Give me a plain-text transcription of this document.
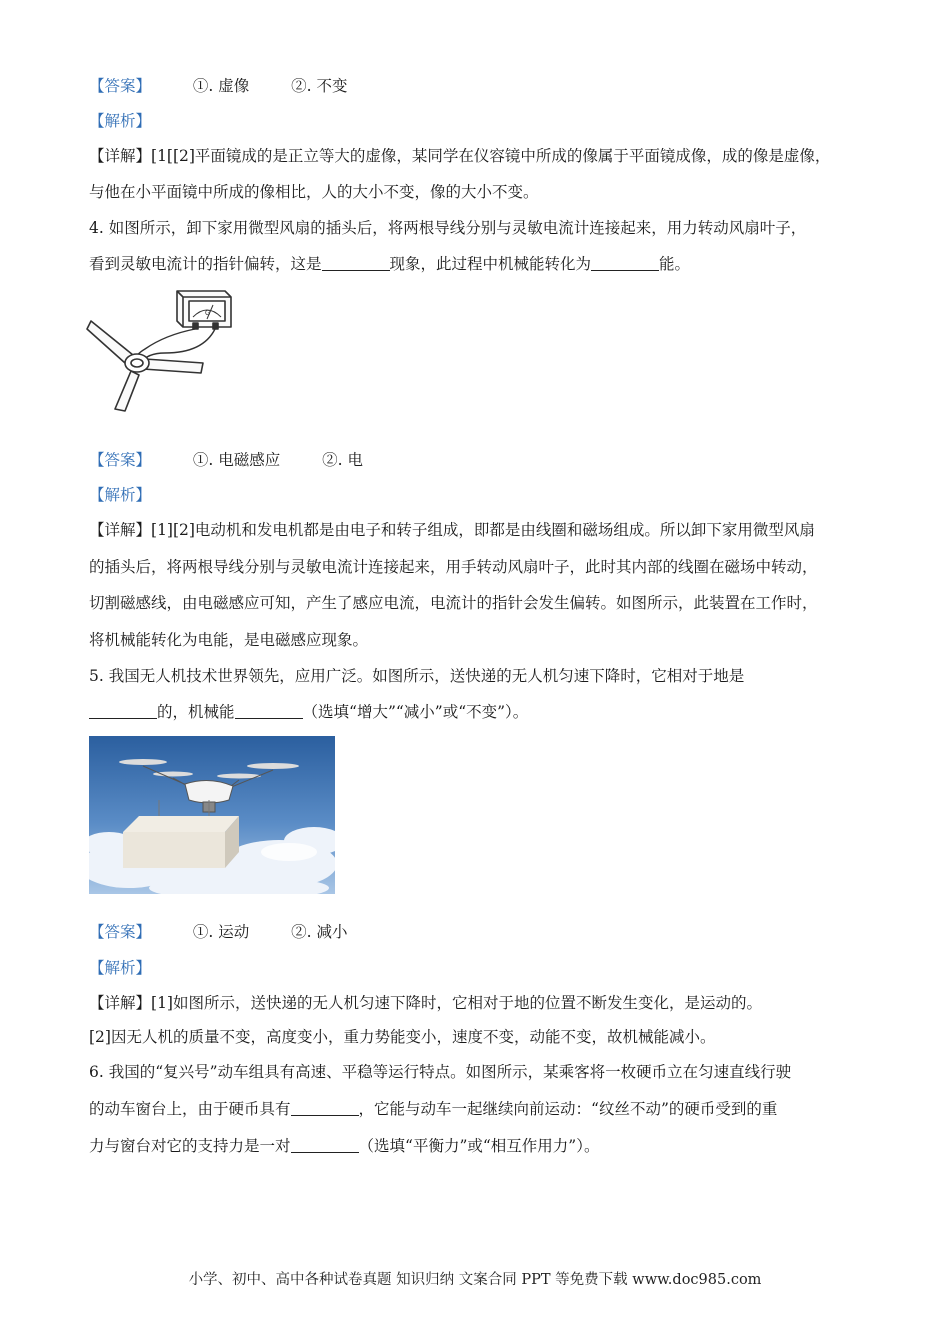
【答案】	①. 虚像	②. 不变
【解析】
【详解】[1[[2]平面镜成的是正立等大的虚像，某同学在仪容镜中所成的像属于平面镜成像，成的像是虚像，
与他在小平面镜中所成的像相比，人的大小不变，像的大小不变。
4. 如图所示，卸下家用微型风扇的插头后，将两根导线分别与灵敏电流计连接起来，用力转动风扇叶子，
看到灵敏电流计的指针偏转，这是	现象，此过程中机械能转化为	能。
G
【答案】	①. 电磁感应	②. 电
【解析】
【详解】[1][2]电动机和发电机都是由电子和转子组成，即都是由线圈和磁场组成。所以卸下家用微型风扇
的插头后，将两根导线分别与灵敏电流计连接起来，用手转动风扇叶子，此时其内部的线圈在磁场中转动，
切割磁感线，由电磁感应可知，产生了感应电流，电流计的指针会发生偏转。如图所示，此装置在工作时，
将机械能转化为电能，是电磁感应现象。
5. 我国无人机技术世界领先，应用广泛。如图所示，送快递的无人机匀速下降时，它相对于地是
的，机械能	（选填“增大”“减小”或“不变”）。
【答案】	①. 运动	②. 减小
【解析】
【详解】[1]如图所示，送快递的无人机匀速下降时，它相对于地的位置不断发生变化，是运动的。
[2]因无人机的质量不变，高度变小，重力势能变小，速度不变，动能不变，故机械能减小。
6. 我国的“复兴号”动车组具有高速、平稳等运行特点。如图所示，某乘客将一枚硬币立在匀速直线行驶
的动车窗台上，由于硬币具有	，它能与动车一起继续向前运动：“纹丝不动”的硬币受到的重
力与窗台对它的支持力是一对	（选填“平衡力”或“相互作用力”）。
小学、初中、高中各种试卷真题 知识归纳 文案合同 PPT 等免费下载 www.doc985.com
